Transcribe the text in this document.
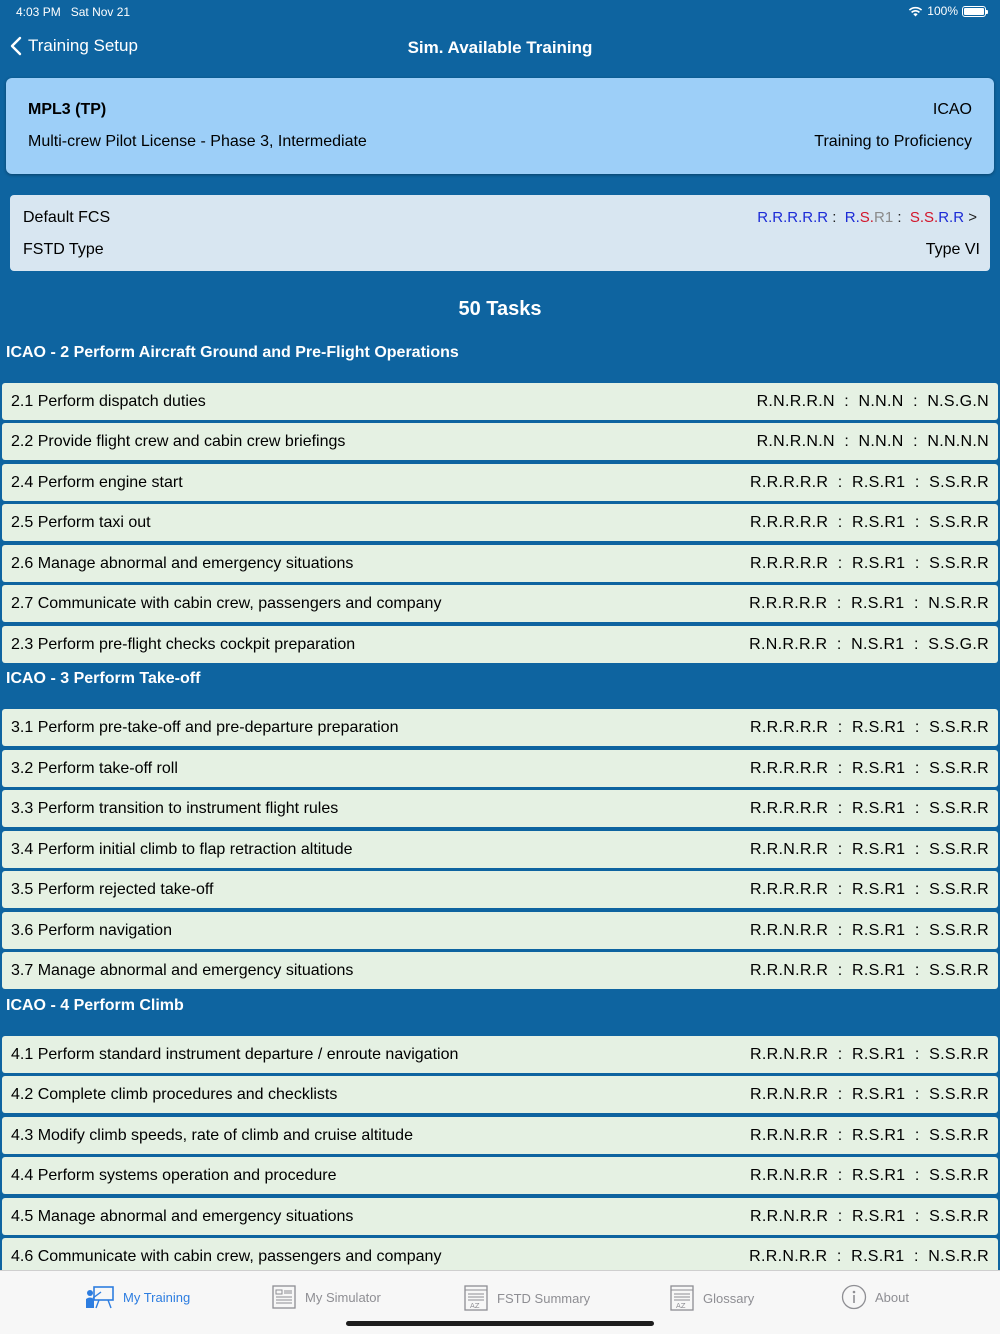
4:03 PM Sat Nov 21	100%
Training Setup	Sim. Available Training
MPL3 (TP)
Multi-crew Pilot License - Phase 3, Intermediate
ICAO
Training to Proficiency
Default FCS	R.R.R.R.R : R.S.R1 : S.S.R.R >
FSTD Type	Type VI
50 Tasks
ICAO - 2 Perform Aircraft Ground and Pre-Flight Operations
2.1 Perform dispatch duties	R.N.R.R.N  :  N.N.N  :  N.S.G.N
2.2 Provide flight crew and cabin crew briefings	R.N.R.N.N  :  N.N.N  :  N.N.N.N
2.4 Perform engine start	R.R.R.R.R  :  R.S.R1  :  S.S.R.R
2.5 Perform taxi out	R.R.R.R.R  :  R.S.R1  :  S.S.R.R
2.6 Manage abnormal and emergency situations	R.R.R.R.R  :  R.S.R1  :  S.S.R.R
2.7 Communicate with cabin crew, passengers and company	R.R.R.R.R  :  R.S.R1  :  N.S.R.R
2.3 Perform pre-flight checks cockpit preparation	R.N.R.R.R  :  N.S.R1  :  S.S.G.R
ICAO - 3 Perform Take-off
3.1 Perform pre-take-off and pre-departure preparation	R.R.R.R.R  :  R.S.R1  :  S.S.R.R
3.2 Perform take-off roll	R.R.R.R.R  :  R.S.R1  :  S.S.R.R
3.3 Perform transition to instrument flight rules	R.R.R.R.R  :  R.S.R1  :  S.S.R.R
3.4 Perform initial climb to flap retraction altitude	R.R.N.R.R  :  R.S.R1  :  S.S.R.R
3.5 Perform rejected take-off	R.R.R.R.R  :  R.S.R1  :  S.S.R.R
3.6 Perform navigation	R.R.N.R.R  :  R.S.R1  :  S.S.R.R
3.7 Manage abnormal and emergency situations	R.R.N.R.R  :  R.S.R1  :  S.S.R.R
ICAO - 4 Perform Climb
4.1 Perform standard instrument departure / enroute navigation	R.R.N.R.R  :  R.S.R1  :  S.S.R.R
4.2 Complete climb procedures and checklists	R.R.N.R.R  :  R.S.R1  :  S.S.R.R
4.3 Modify climb speeds, rate of climb and cruise altitude	R.R.N.R.R  :  R.S.R1  :  S.S.R.R
4.4 Perform systems operation and procedure	R.R.N.R.R  :  R.S.R1  :  S.S.R.R
4.5 Manage abnormal and emergency situations	R.R.N.R.R  :  R.S.R1  :  S.S.R.R
4.6 Communicate with cabin crew, passengers and company	R.R.N.R.R  :  R.S.R1  :  N.S.R.R
My Training	My Simulator
AZ
FSTD Summary
AZ
Glossary	About
